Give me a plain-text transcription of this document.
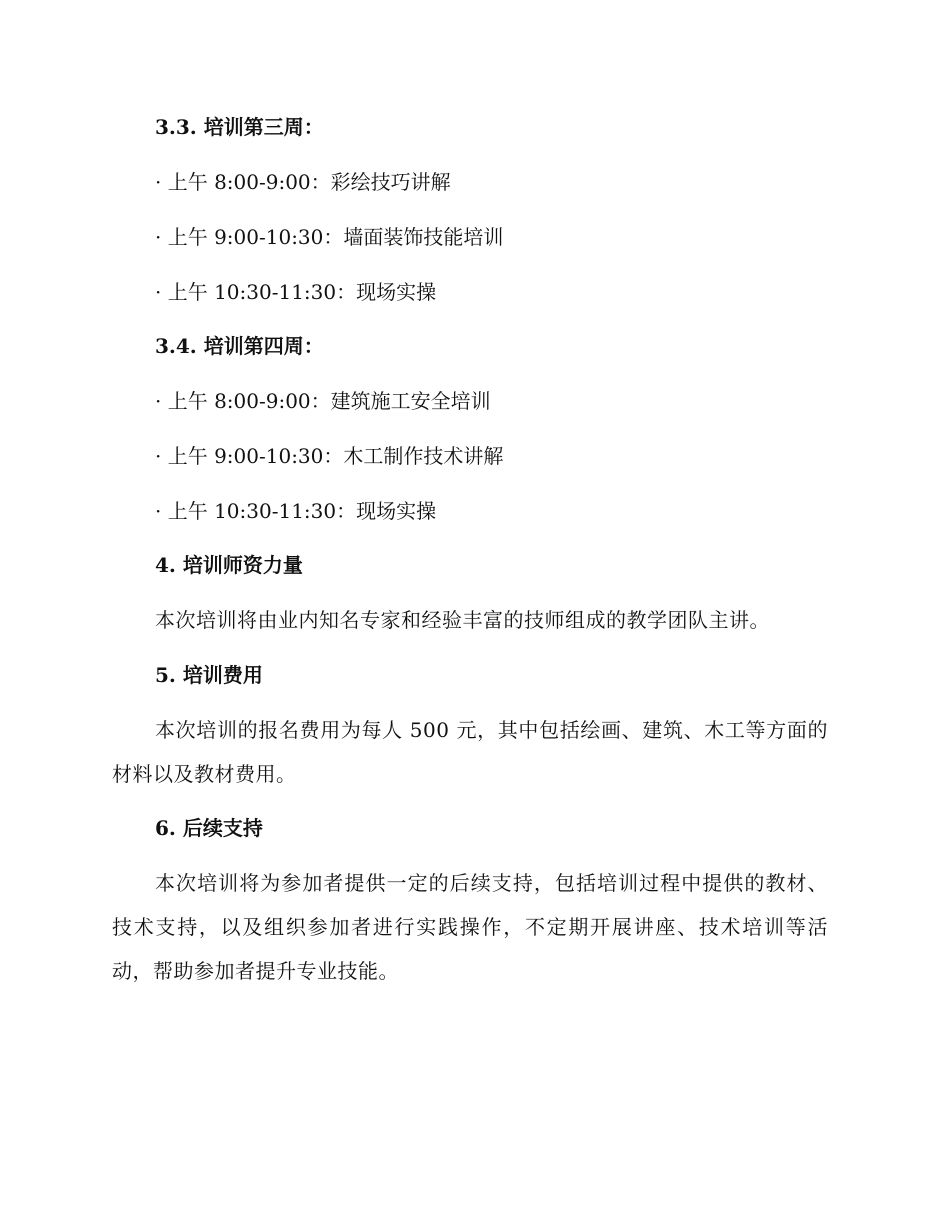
3.3. 培训第三周：
· 上午 8:00-9:00：彩绘技巧讲解
· 上午 9:00-10:30：墙面装饰技能培训
· 上午 10:30-11:30：现场实操
3.4. 培训第四周：
· 上午 8:00-9:00：建筑施工安全培训
· 上午 9:00-10:30：木工制作技术讲解
· 上午 10:30-11:30：现场实操
4. 培训师资力量
本次培训将由业内知名专家和经验丰富的技师组成的教学团队主讲。
5. 培训费用
本次培训的报名费用为每人 500 元，其中包括绘画、建筑、木工等方面的材料以及教材费用。
6. 后续支持
本次培训将为参加者提供一定的后续支持，包括培训过程中提供的教材、技术支持，以及组织参加者进行实践操作，不定期开展讲座、技术培训等活动，帮助参加者提升专业技能。
